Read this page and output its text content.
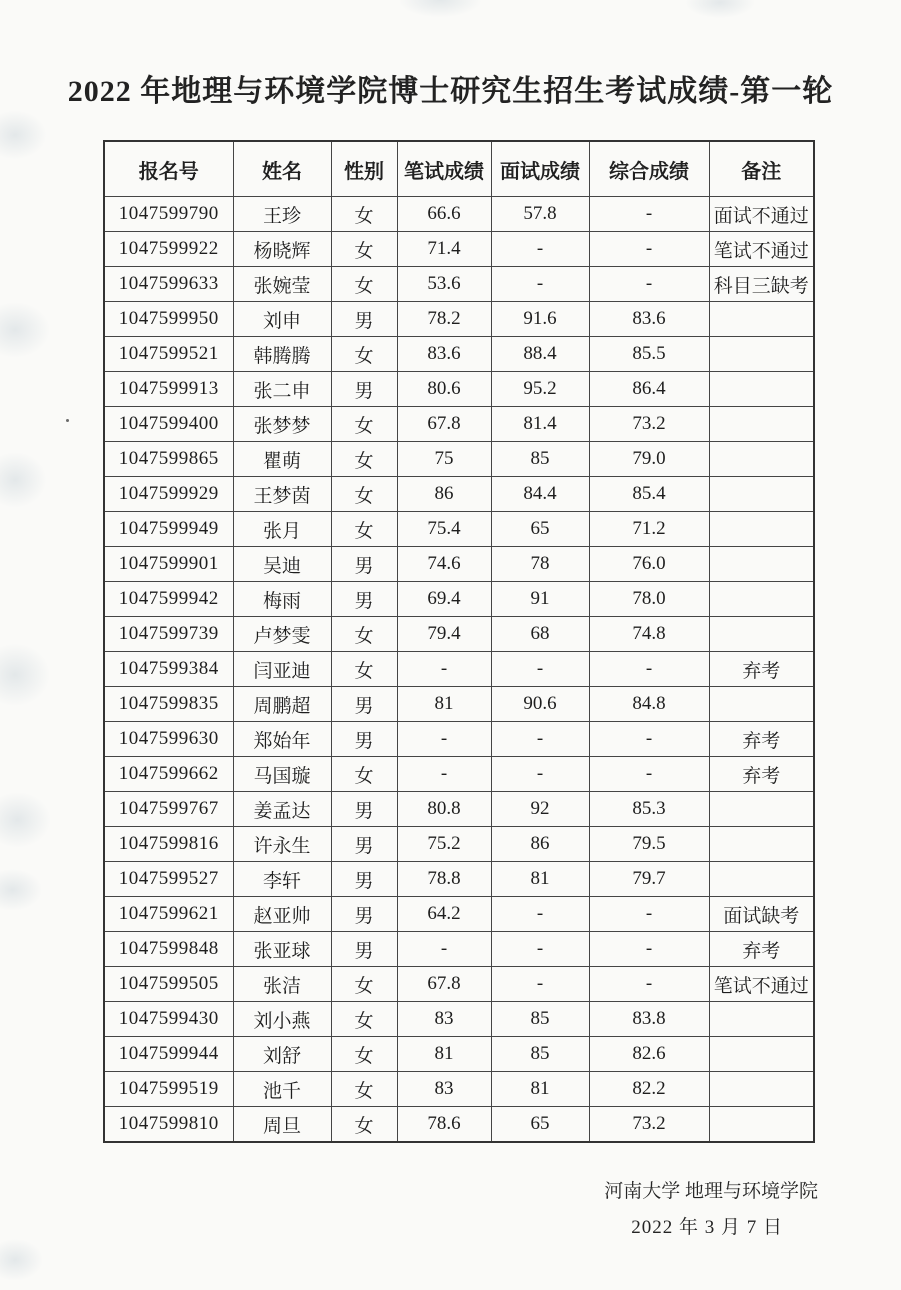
2022 年地理与环境学院博士研究生招生考试成绩-第一轮
报名号	姓名	性别	笔试成绩	面试成绩	综合成绩	备注
1047599790	王珍	女	66.6	57.8	-	面试不通过
1047599922	杨晓辉	女	71.4	-	-	笔试不通过
1047599633	张婉莹	女	53.6	-	-	科目三缺考
1047599950	刘申	男	78.2	91.6	83.6	
1047599521	韩腾腾	女	83.6	88.4	85.5	
1047599913	张二申	男	80.6	95.2	86.4	
1047599400	张梦梦	女	67.8	81.4	73.2	
1047599865	瞿萌	女	75	85	79.0	
1047599929	王梦茵	女	86	84.4	85.4	
1047599949	张月	女	75.4	65	71.2	
1047599901	吴迪	男	74.6	78	76.0	
1047599942	梅雨	男	69.4	91	78.0	
1047599739	卢梦雯	女	79.4	68	74.8	
1047599384	闫亚迪	女	-	-	-	弃考
1047599835	周鹏超	男	81	90.6	84.8	
1047599630	郑始年	男	-	-	-	弃考
1047599662	马国璇	女	-	-	-	弃考
1047599767	姜孟达	男	80.8	92	85.3	
1047599816	许永生	男	75.2	86	79.5	
1047599527	李轩	男	78.8	81	79.7	
1047599621	赵亚帅	男	64.2	-	-	面试缺考
1047599848	张亚球	男	-	-	-	弃考
1047599505	张洁	女	67.8	-	-	笔试不通过
1047599430	刘小燕	女	83	85	83.8	
1047599944	刘舒	女	81	85	82.6	
1047599519	池千	女	83	81	82.2	
1047599810	周旦	女	78.6	65	73.2	
河南大学 地理与环境学院
2022 年 3 月 7 日
